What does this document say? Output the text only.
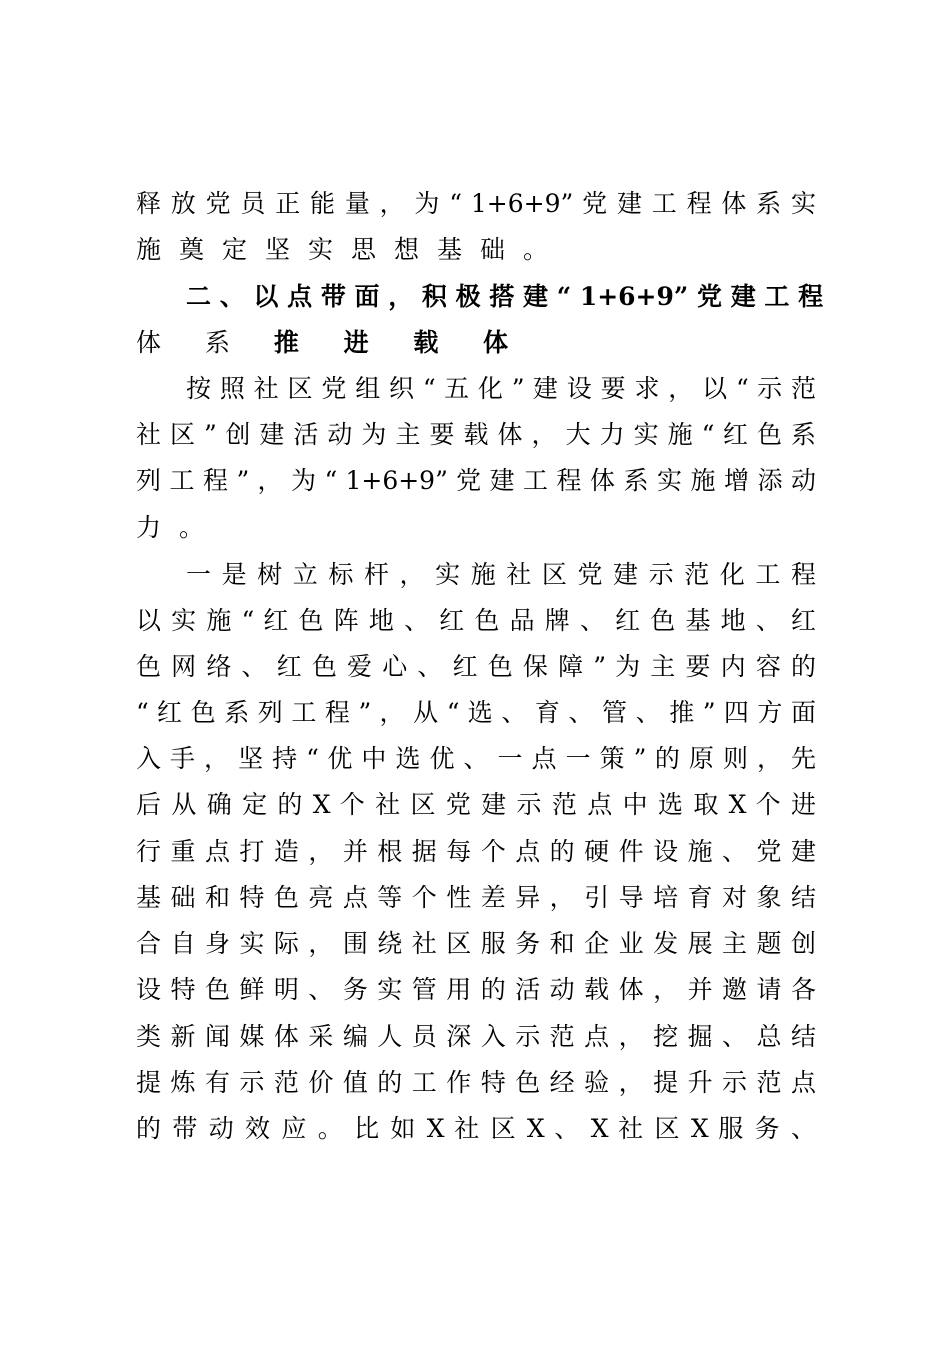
释 放 党 员 正 能 量 ， 为 “ 1+6+9” 党 建 工 程 体 系 实
施奠定坚实思想基础。
二 、 以 点 带 面 ， 积 极 搭 建 “ 1+6+9” 党 建 工 程
体 系 推 进 载 体
按 照 社 区 党 组 织 “ 五 化 ” 建 设 要 求 ， 以 “ 示 范
社 区 ” 创 建 活 动 为 主 要 载 体 ， 大 力 实 施 “ 红 色 系
列 工 程 ” ， 为 “ 1+6+9” 党 建 工 程 体 系 实 施 增 添 动
力。
一 是 树 立 标 杆 ， 实 施 社 区 党 建 示 范 化 工 程
以 实 施 “ 红 色 阵 地 、 红 色 品 牌 、 红 色 基 地 、 红
色 网 络 、 红 色 爱 心 、 红 色 保 障 ” 为 主 要 内 容 的
“ 红 色 系 列 工 程 ” ， 从 “ 选 、 育 、 管 、 推 ” 四 方 面
入 手 ， 坚 持 “ 优 中 选 优 、 一 点 一 策 ” 的 原 则 ， 先
后 从 确 定 的 X 个 社 区 党 建 示 范 点 中 选 取 X 个 进
行 重 点 打 造 ， 并 根 据 每 个 点 的 硬 件 设 施 、 党 建
基 础 和 特 色 亮 点 等 个 性 差 异 ， 引 导 培 育 对 象 结
合 自 身 实 际 ， 围 绕 社 区 服 务 和 企 业 发 展 主 题 创
设 特 色 鲜 明 、 务 实 管 用 的 活 动 载 体 ， 并 邀 请 各
类 新 闻 媒 体 采 编 人 员 深 入 示 范 点 ， 挖 掘 、 总 结
提 炼 有 示 范 价 值 的 工 作 特 色 经 验 ， 提 升 示 范 点
的 带 动 效 应 。 比 如 X 社 区 X 、 X 社 区 X 服 务 、
